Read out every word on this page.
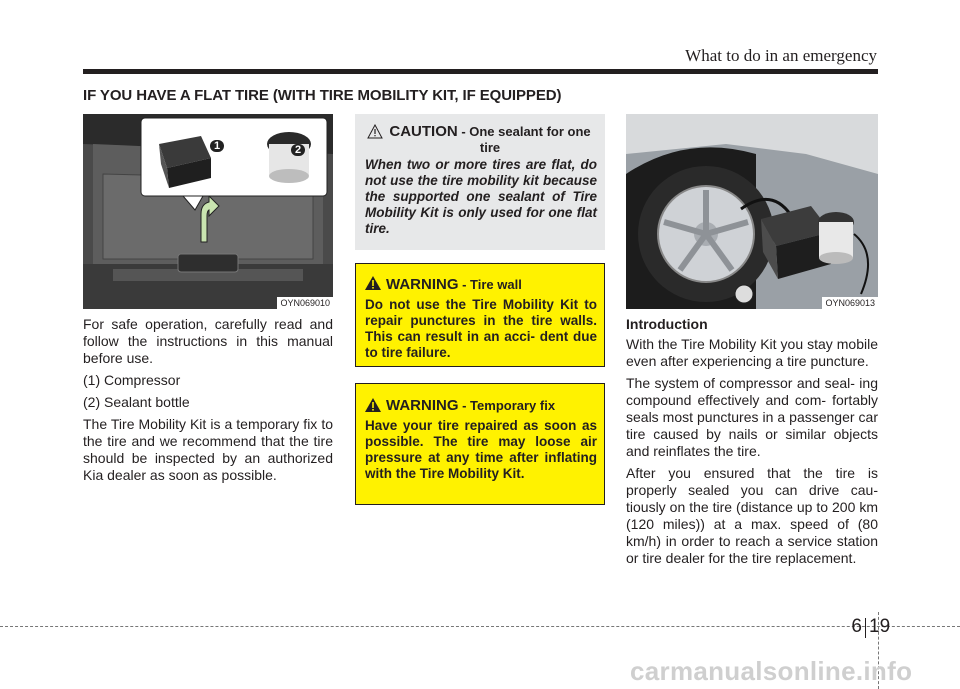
What to do in an emergency
IF YOU HAVE A FLAT TIRE (WITH TIRE MOBILITY KIT, IF EQUIPPED)
1	2
OYN069010

For safe operation, carefully read and follow the instructions in this manual before use.

(1) Compressor

(2) Sealant bottle

The Tire Mobility Kit is a temporary fix to the tire and we recommend that the tire should be inspected by an authorized Kia dealer as soon as possible.

CAUTION - One sealant for one tire
When two or more tires are flat, do not use the tire mobility kit because the supported one sealant of Tire Mobility Kit is only used for one flat tire.
WARNING - Tire wall
Do not use the Tire Mobility Kit to repair punctures in the tire walls. This can result in an acci- dent due to tire failure.
WARNING - Temporary fix
Have your tire repaired as soon as possible. The tire may loose air pressure at any time after inflating with the Tire Mobility Kit.
OYN069013
Introduction

With the Tire Mobility Kit you stay mobile even after experiencing a tire puncture.

The system of compressor and seal- ing compound effectively and com- fortably seals most punctures in a passenger car tire caused by nails or similar objects and reinflates the tire.

After you ensured that the tire is properly sealed you can drive cau- tiously on the tire (distance up to 200 km (120 miles)) at a max. speed of (80 km/h) in order to reach a service station or tire dealer for the tire replacement.

6 19
carmanualsonline.info
